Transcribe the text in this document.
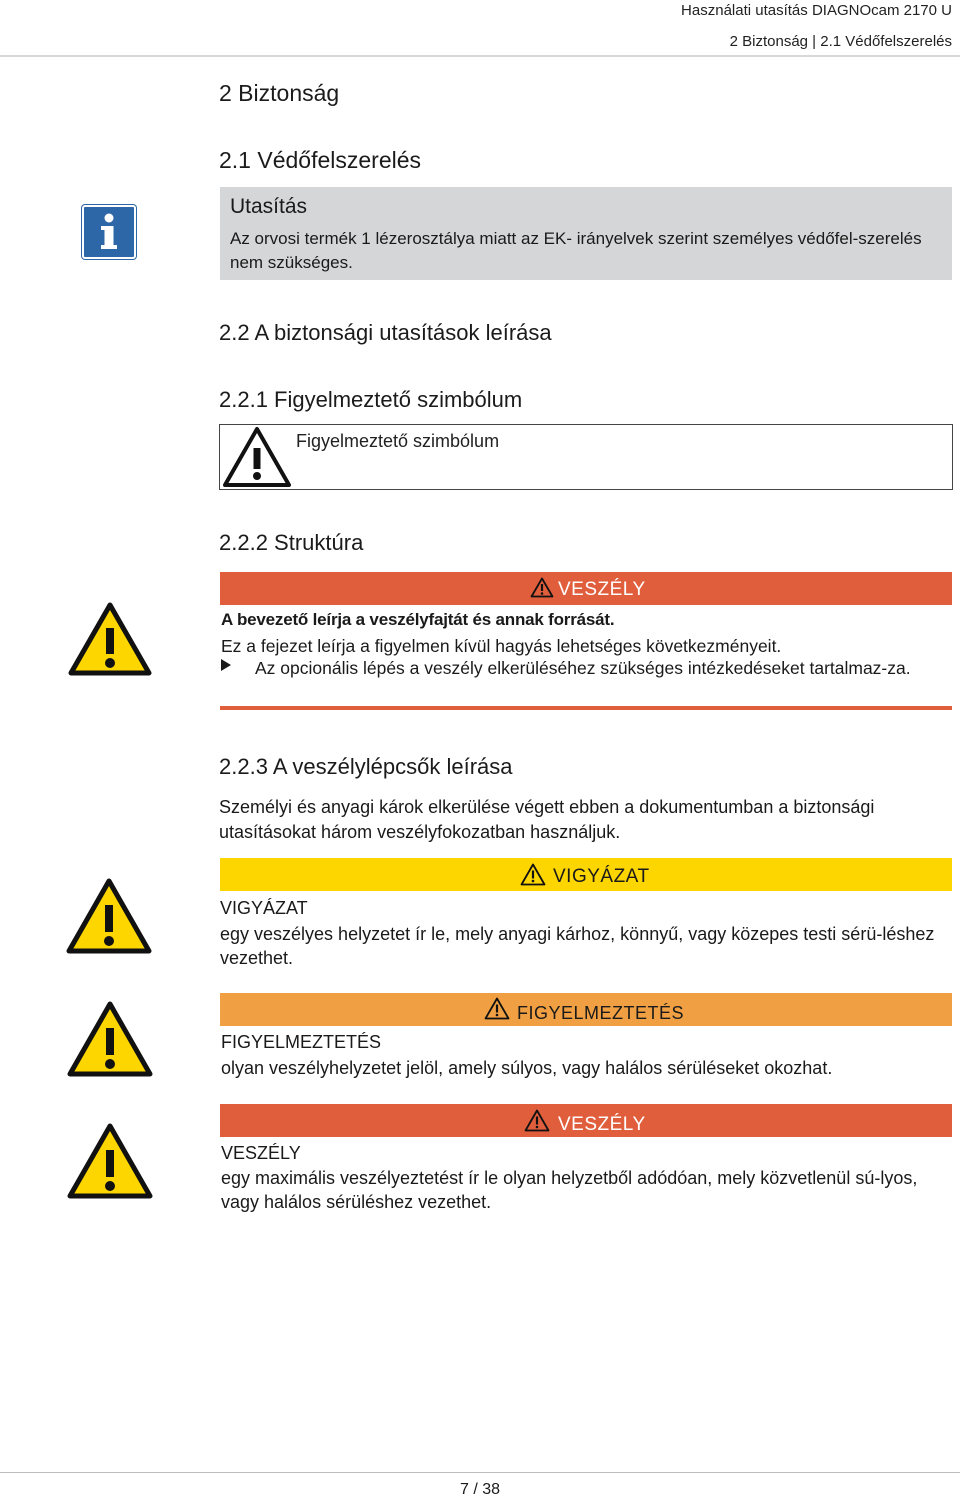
Használati utasítás DIAGNOcam 2170 U
2 Biztonság | 2.1 Védőfelszerelés
2 Biztonság
2.1 Védőfelszerelés
Utasítás
Az orvosi termék 1 lézerosztálya miatt az EK- irányelvek szerint személyes védőfel-szerelés nem szükséges.
2.2 A biztonsági utasítások leírása
2.2.1 Figyelmeztető szimbólum
Figyelmeztető szimbólum
2.2.2 Struktúra
VESZÉLY
A bevezető leírja a veszélyfajtát és annak forrását.
Ez a fejezet leírja a figyelmen kívül hagyás lehetséges következményeit.
Az opcionális lépés a veszély elkerüléséhez szükséges intézkedéseket tartalmaz-za.
2.2.3 A veszélylépcsők leírása
Személyi és anyagi károk elkerülése végett ebben a dokumentumban a biztonsági utasításokat három veszélyfokozatban használjuk.
VIGYÁZAT
VIGYÁZAT
egy veszélyes helyzetet ír le, mely anyagi kárhoz, könnyű, vagy közepes testi sérü-léshez vezethet.
FIGYELMEZTETÉS
FIGYELMEZTETÉS
olyan veszélyhelyzetet jelöl, amely súlyos, vagy halálos sérüléseket okozhat.
VESZÉLY
VESZÉLY
egy maximális veszélyeztetést ír le olyan helyzetből adódóan, mely közvetlenül sú-lyos, vagy halálos sérüléshez vezethet.
7 / 38
